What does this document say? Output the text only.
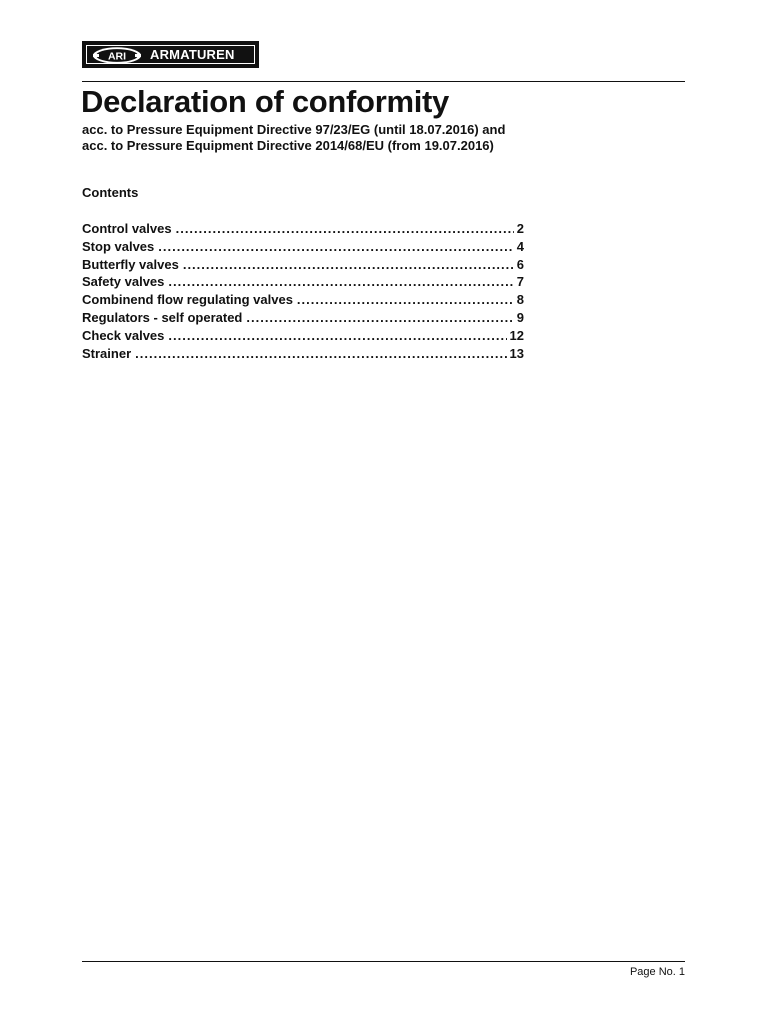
ARI ARMATUREN
Declaration of conformity
acc. to Pressure Equipment Directive 97/23/EG (until 18.07.2016) and
acc. to Pressure Equipment Directive 2014/68/EU (from 19.07.2016)
Contents
Control valves .....	2
Stop valves .....	4
Butterfly valves .....	6
Safety valves .....	7
Combinend flow regulating valves .....	8
Regulators - self operated .....	9
Check valves .....	12
Strainer .....	13
Page No. 1
